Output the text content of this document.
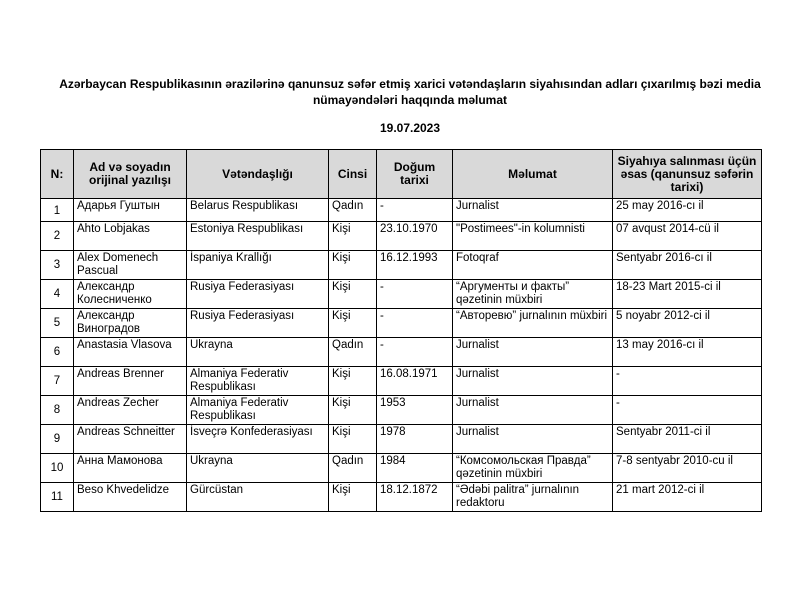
Azərbaycan Respublikasının ərazilərinə qanunsuz səfər etmiş xarici vətəndaşların siyahısından adları çıxarılmış bəzi media nümayəndələri haqqında məlumat
19.07.2023
N:	Ad və soyadın orijinal yazılışı	Vətəndaşlığı	Cinsi	Doğum tarixi	Məlumat	Siyahıya salınması üçün əsas (qanunsuz səfərin tarixi)
1	Адарья Гуштын	Belarus Respublikası	Qadın	-	Jurnalist	25 may 2016-cı il
2	Ahto Lobjakas	Estoniya Respublikası	Kişi	23.10.1970	"Postimees"-in kolumnisti	07 avqust 2014-cü il
3	Alex Domenech Pascual	İspaniya Krallığı	Kişi	16.12.1993	Fotoqraf	Sentyabr 2016-cı il
4	Александр Колесниченко	Rusiya Federasiyası	Kişi	-	“Аргументы и факты” qəzetinin müxbiri	18-23 Mart 2015-ci il
5	Александр Виноградов	Rusiya Federasiyası	Kişi	-	“Авторевю” jurnalının müxbiri	5 noyabr 2012-ci il
6	Anastasia Vlasova	Ukrayna	Qadın	-	Jurnalist	13 may 2016-cı il
7	Andreas Brenner	Almaniya Federativ Respublikası	Kişi	16.08.1971	Jurnalist	-
8	Andreas Zecher	Almaniya Federativ Respublikası	Kişi	1953	Jurnalist	-
9	Andreas Schneitter	İsveçrə Konfederasiyası	Kişi	1978	Jurnalist	Sentyabr 2011-ci il
10	Анна Мамонова	Ukrayna	Qadın	1984	“Комсомольская Правда” qəzetinin müxbiri	7-8 sentyabr 2010-cu il
11	Beso Khvedelidze	Gürcüstan	Kişi	18.12.1872	“Ədəbi palitra” jurnalının redaktoru	21 mart 2012-ci il
